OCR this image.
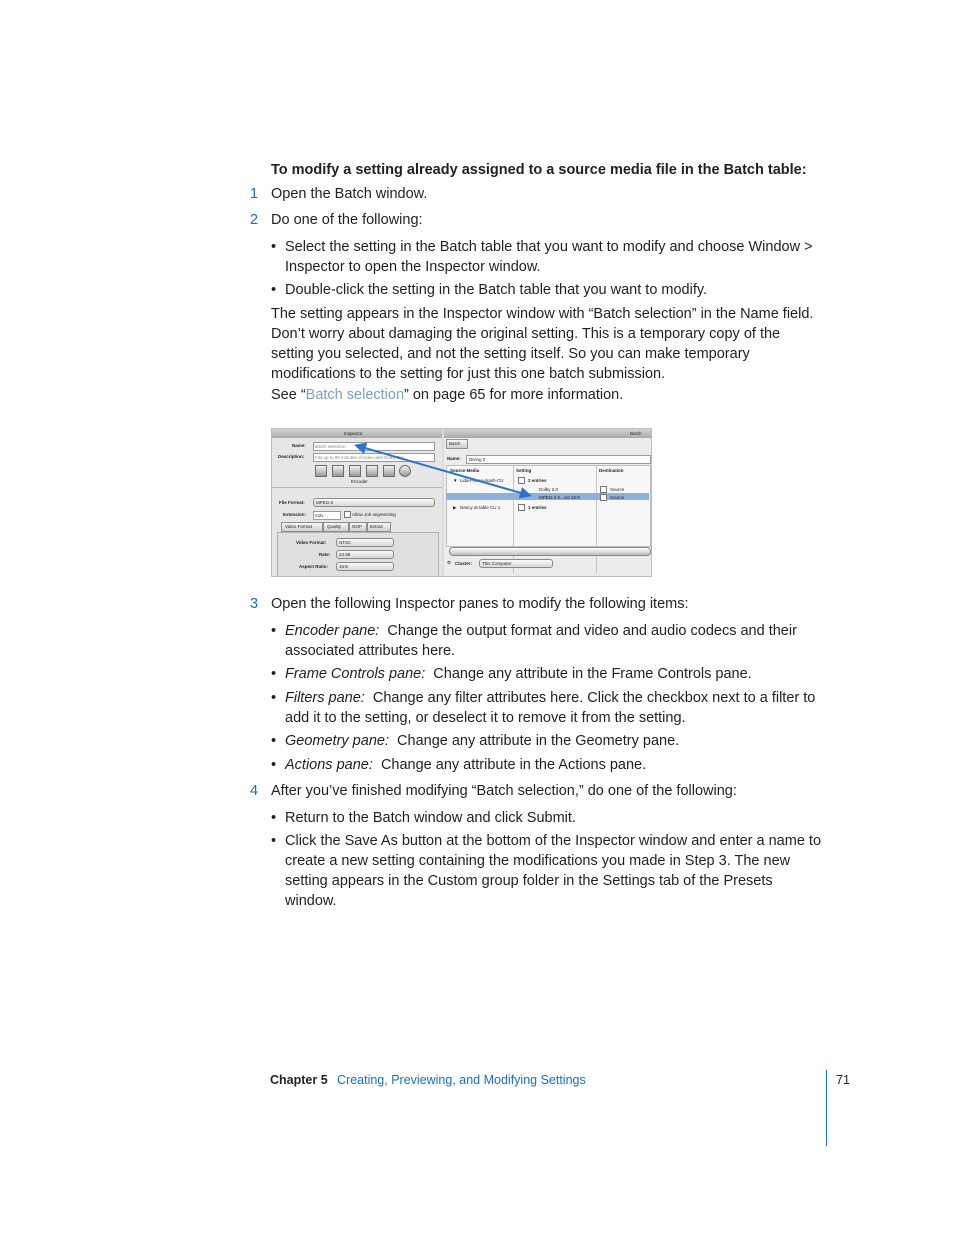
To modify a setting already assigned to a source media file in the Batch table:
1 Open the Batch window.
2 Do one of the following:
• Select the setting in the Batch table that you want to modify and choose Window > Inspector to open the Inspector window.
• Double-click the setting in the Batch table that you want to modify.
The setting appears in the Inspector window with “Batch selection” in the Name field. Don’t worry about damaging the original setting. This is a temporary copy of the setting you selected, and not the setting itself. So you can make temporary modifications to the setting for just this one batch submission.
See “Batch selection” on page 65 for more information.
Inspector
Name: Batch selection
Description: Fits up to 90 minutes of video with Dolby Dig
Encoder
File Format: MPEG-2
Extension: m2v	Allow Job segmenting
Video Format	Quality GOP Extras
Video Format:	NTSC
Rate: 23.98
Aspect Ratio: 16:9
Batch
Batch
Name: Diving 2
Source Media	Setting	Destination
▼ Lida-Poeen-mash-CU	2 entries
Dolby 2.0	Source
MPEG-2 6...ost 16:9	Source
▶ Nancy at table CU 1	1 entries
⚙ Cluster: This Computer
3 Open the following Inspector panes to modify the following items:
• Encoder pane: Change the output format and video and audio codecs and their associated attributes here.
• Frame Controls pane: Change any attribute in the Frame Controls pane.
• Filters pane: Change any filter attributes here. Click the checkbox next to a filter to add it to the setting, or deselect it to remove it from the setting.
• Geometry pane: Change any attribute in the Geometry pane.
• Actions pane: Change any attribute in the Actions pane.
4 After you’ve finished modifying “Batch selection,” do one of the following:
• Return to the Batch window and click Submit.
• Click the Save As button at the bottom of the Inspector window and enter a name to create a new setting containing the modifications you made in Step 3. The new setting appears in the Custom group folder in the Settings tab of the Presets window.
Chapter 5 Creating, Previewing, and Modifying Settings	71
